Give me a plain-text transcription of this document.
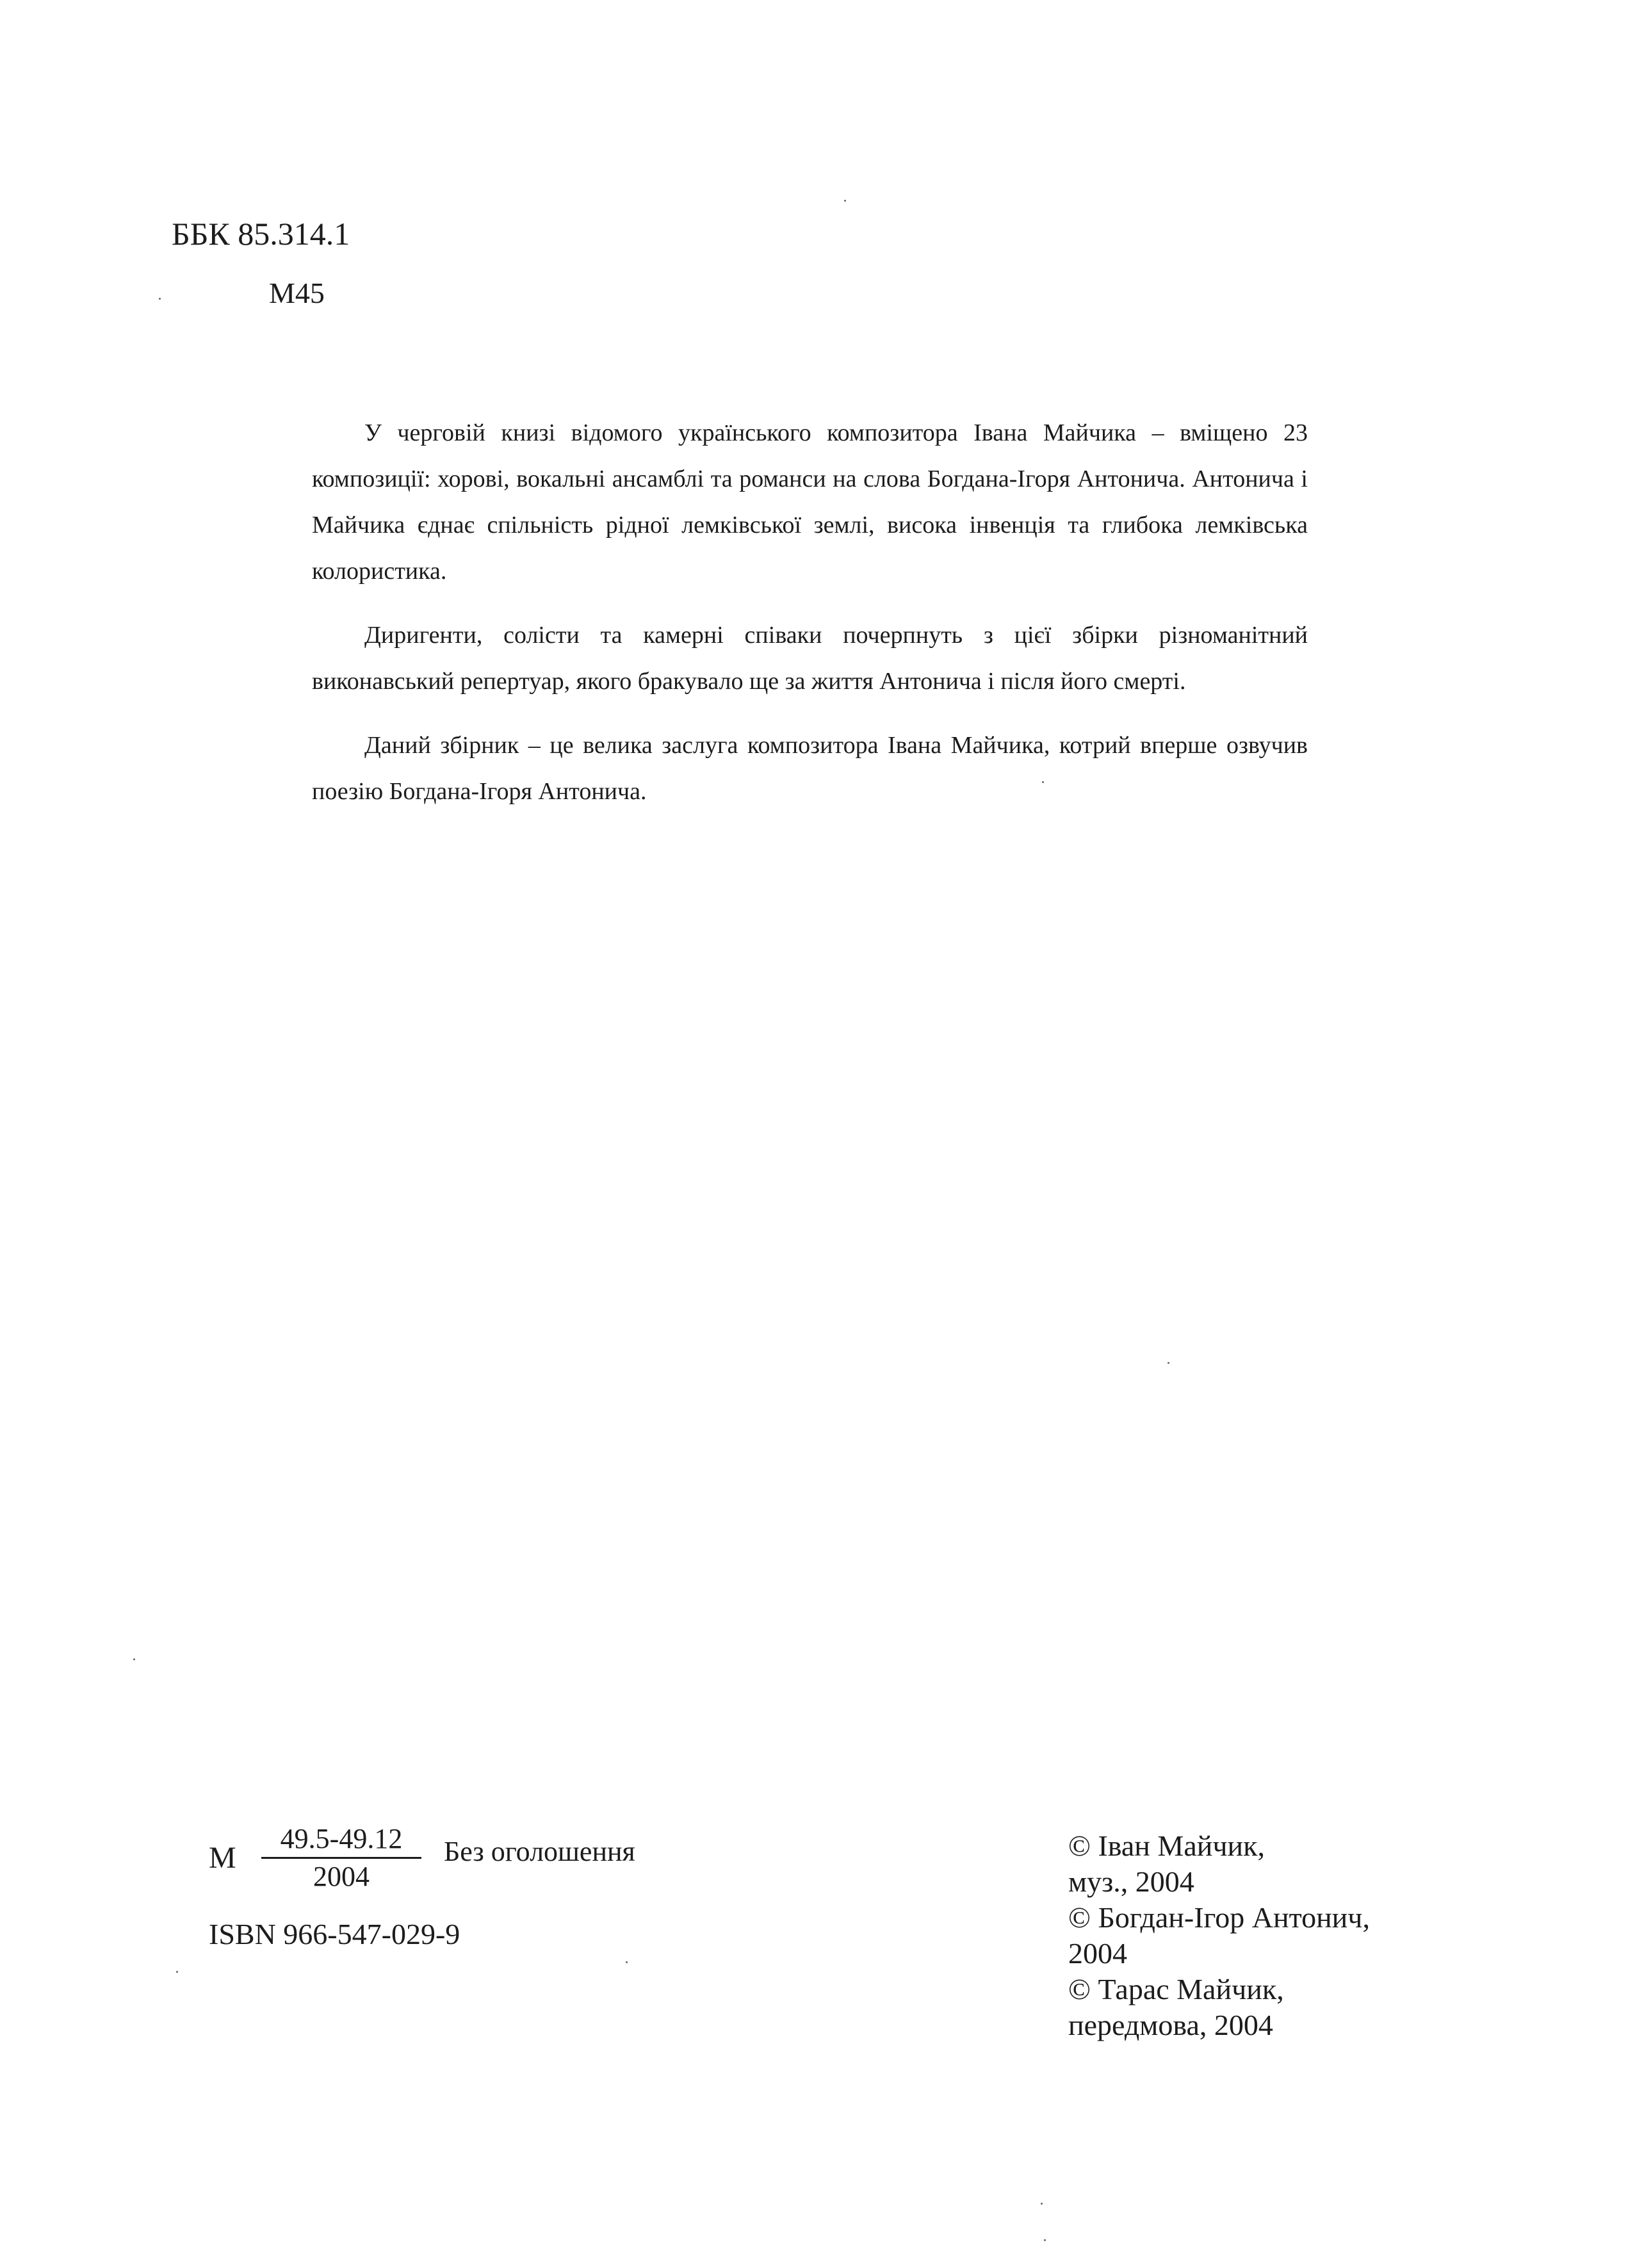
ББК 85.314.1
М45

У черговій книзі відомого українського композитора Івана Майчика – вміщено 23 композиції: хорові, вокальні ансамблі та романси на слова Богдана-Ігоря Антонича. Антонича і Майчика єднає спільність рідної лемківської землі, висока інвенція та глибока лемківська колористика.

Диригенти, солісти та камерні співаки почерпнуть з цієї збірки різноманітний виконавський репертуар, якого бракувало ще за життя Антонича і після його смерті.

Даний збірник – це велика заслуга композитора Івана Майчика, котрий вперше озвучив поезію Богдана-Ігоря Антонича.

М $\frac{49.5-49.12}{2004}$ Без оголошення
ISBN 966-547-029-9
© Іван Майчик,
муз., 2004
© Богдан-Ігор Антонич,
2004
© Тарас Майчик,
передмова, 2004
